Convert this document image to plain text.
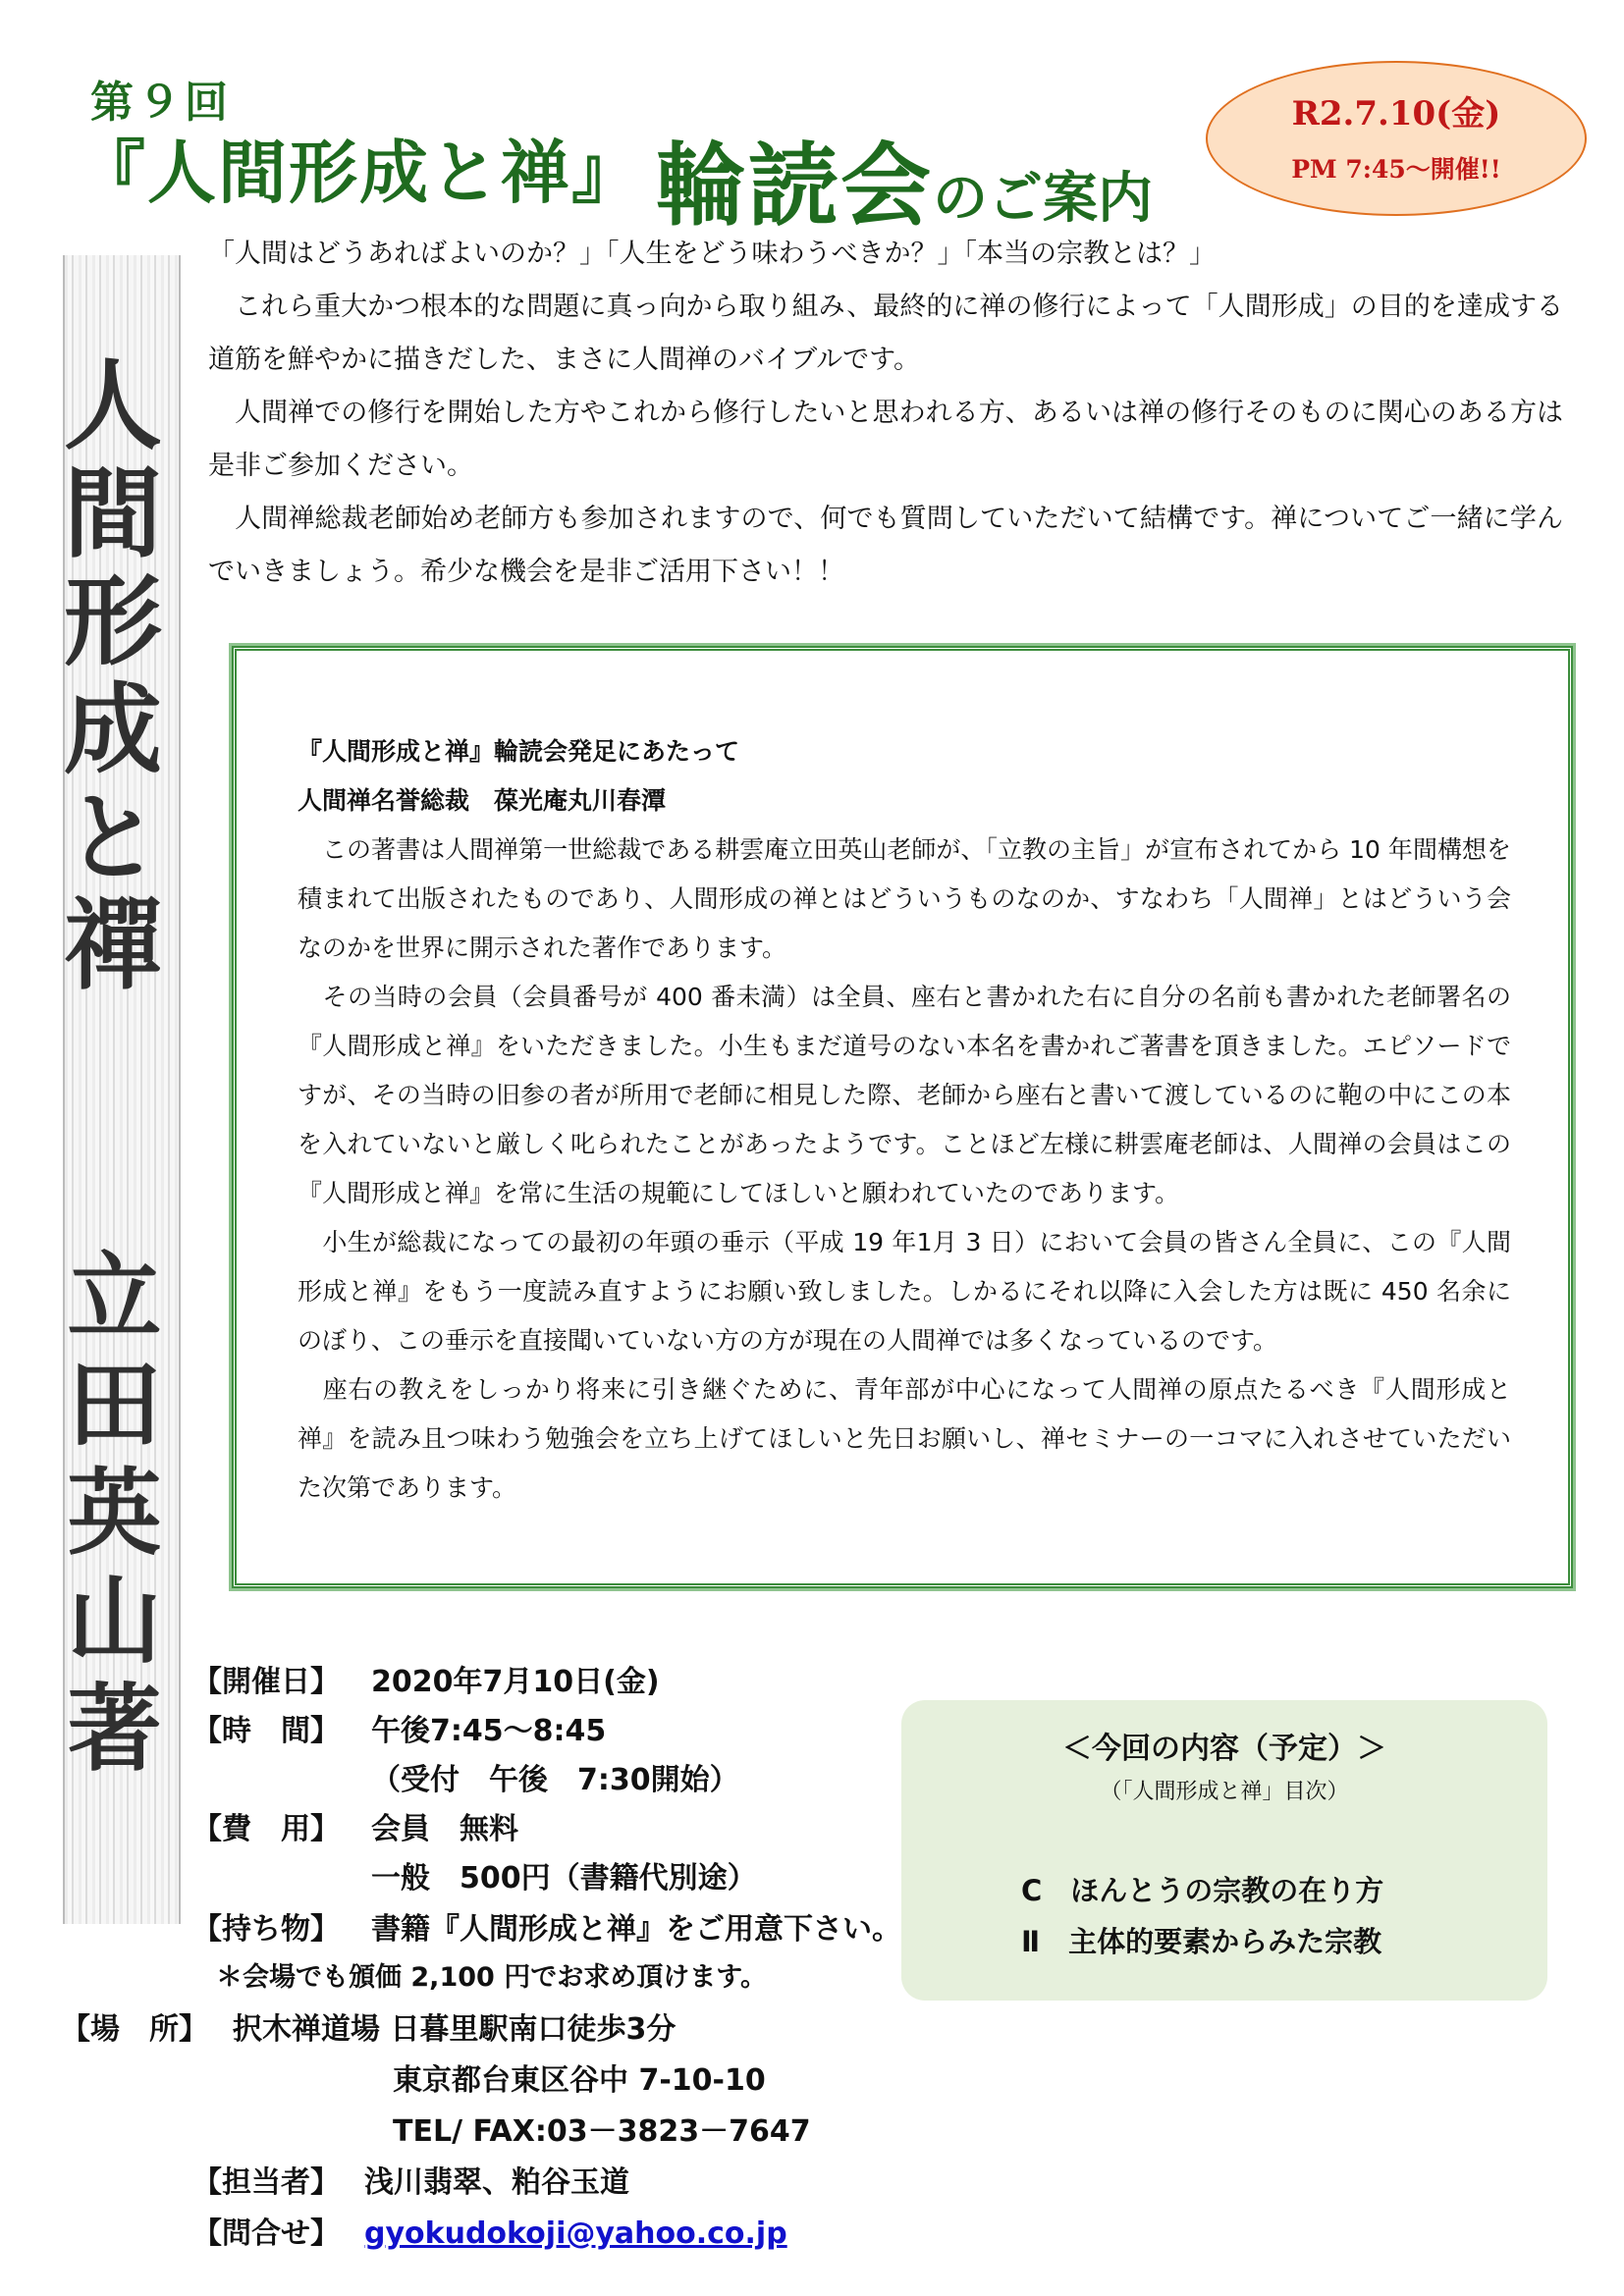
第９回
『人間形成と禅』 輪読会のご案内
R2.7.10(金)
PM 7:45～開催!!
人間形成と禪
立田英山著

「人間はどうあればよいのか？」「人生をどう味わうべきか？」「本当の宗教とは？」

　これら重大かつ根本的な問題に真っ向から取り組み、最終的に禅の修行によって「人間形成」の目的を達成する道筋を鮮やかに描きだした、まさに人間禅のバイブルです。

　人間禅での修行を開始した方やこれから修行したいと思われる方、あるいは禅の修行そのものに関心のある方は是非ご参加ください。

　人間禅総裁老師始め老師方も参加されますので、何でも質問していただいて結構です。禅についてご一緒に学んでいきましょう。希少な機会を是非ご活用下さい！！

『人間形成と禅』輪読会発足にあたって

人間禅名誉総裁　葆光庵丸川春潭

　この著書は人間禅第一世総裁である耕雲庵立田英山老師が、「立教の主旨」が宣布されてから 10 年間構想を積まれて出版されたものであり、人間形成の禅とはどういうものなのか、すなわち「人間禅」とはどういう会なのかを世界に開示された著作であります。

　その当時の会員（会員番号が 400 番未満）は全員、座右と書かれた右に自分の名前も書かれた老師署名の『人間形成と禅』をいただきました。小生もまだ道号のない本名を書かれご著書を頂きました。エピソードですが、その当時の旧参の者が所用で老師に相見した際、老師から座右と書いて渡しているのに鞄の中にこの本を入れていないと厳しく叱られたことがあったようです。ことほど左様に耕雲庵老師は、人間禅の会員はこの『人間形成と禅』を常に生活の規範にしてほしいと願われていたのであります。

　小生が総裁になっての最初の年頭の垂示（平成 19 年1月 3 日）において会員の皆さん全員に、この『人間形成と禅』をもう一度読み直すようにお願い致しました。しかるにそれ以降に入会した方は既に 450 名余にのぼり、この垂示を直接聞いていない方の方が現在の人間禅では多くなっているのです。

　座右の教えをしっかり将来に引き継ぐために、青年部が中心になって人間禅の原点たるべき『人間形成と禅』を読み且つ味わう勉強会を立ち上げてほしいと先日お願いし、禅セミナーの一コマに入れさせていただいた次第であります。

【開催日】 2020年7月10日(金)
【時　間】 午後7:45～8:45
（受付　午後　7:30開始）
【費　用】 会員　無料
一般　500円（書籍代別途）
【持ち物】 書籍『人間形成と禅』をご用意下さい。
＊会場でも頒価 2,100 円でお求め頂けます。
【場　所】 択木禅道場 日暮里駅南口徒歩3分
東京都台東区谷中 7-10-10
TEL/ FAX:03－3823－7647
【担当者】 浅川翡翠、粕谷玉道
【問合せ】 gyokudokoji@yahoo.co.jp
＜今回の内容（予定）＞
（「人間形成と禅」目次）
C　ほんとうの宗教の在り方
Ⅱ　主体的要素からみた宗教
